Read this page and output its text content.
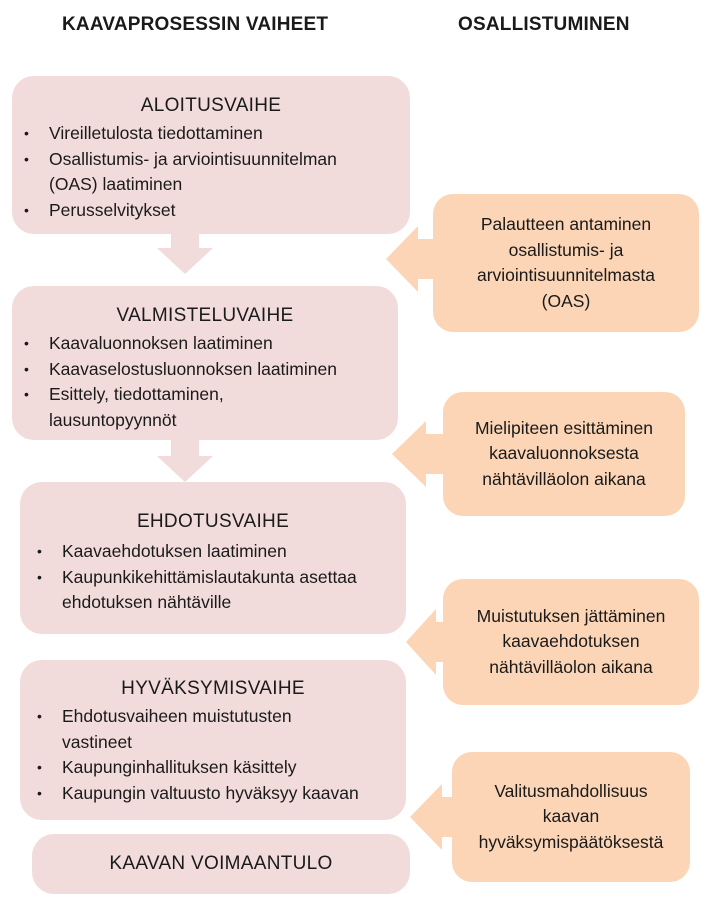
KAAVAPROSESSIN VAIHEET	OSALLISTUMINEN

ALOITUSVAIHE

• Vireilletulosta tiedottaminen
• Osallistumis- ja arviointisuunnitelman (OAS) laatiminen
• Perusselvitykset

VALMISTELUVAIHE

• Kaavaluonnoksen laatiminen
• Kaavaselostusluonnoksen laatiminen
• Esittely, tiedottaminen, lausuntopyynnöt

EHDOTUSVAIHE

• Kaavaehdotuksen laatiminen
• Kaupunkikehittämislautakunta asettaa ehdotuksen nähtäville

HYVÄKSYMISVAIHE

• Ehdotusvaiheen muistutusten vastineet
• Kaupunginhallituksen käsittely
• Kaupungin valtuusto hyväksyy kaavan

KAAVAN VOIMAANTULO

Palautteen antaminen
osallistumis- ja
arviointisuunnitelmasta
(OAS)
Mielipiteen esittäminen
kaavaluonnoksesta
nähtävilläolon aikana
Muistutuksen jättäminen
kaavaehdotuksen
nähtävilläolon aikana
Valitusmahdollisuus
kaavan
hyväksymispäätöksestä
